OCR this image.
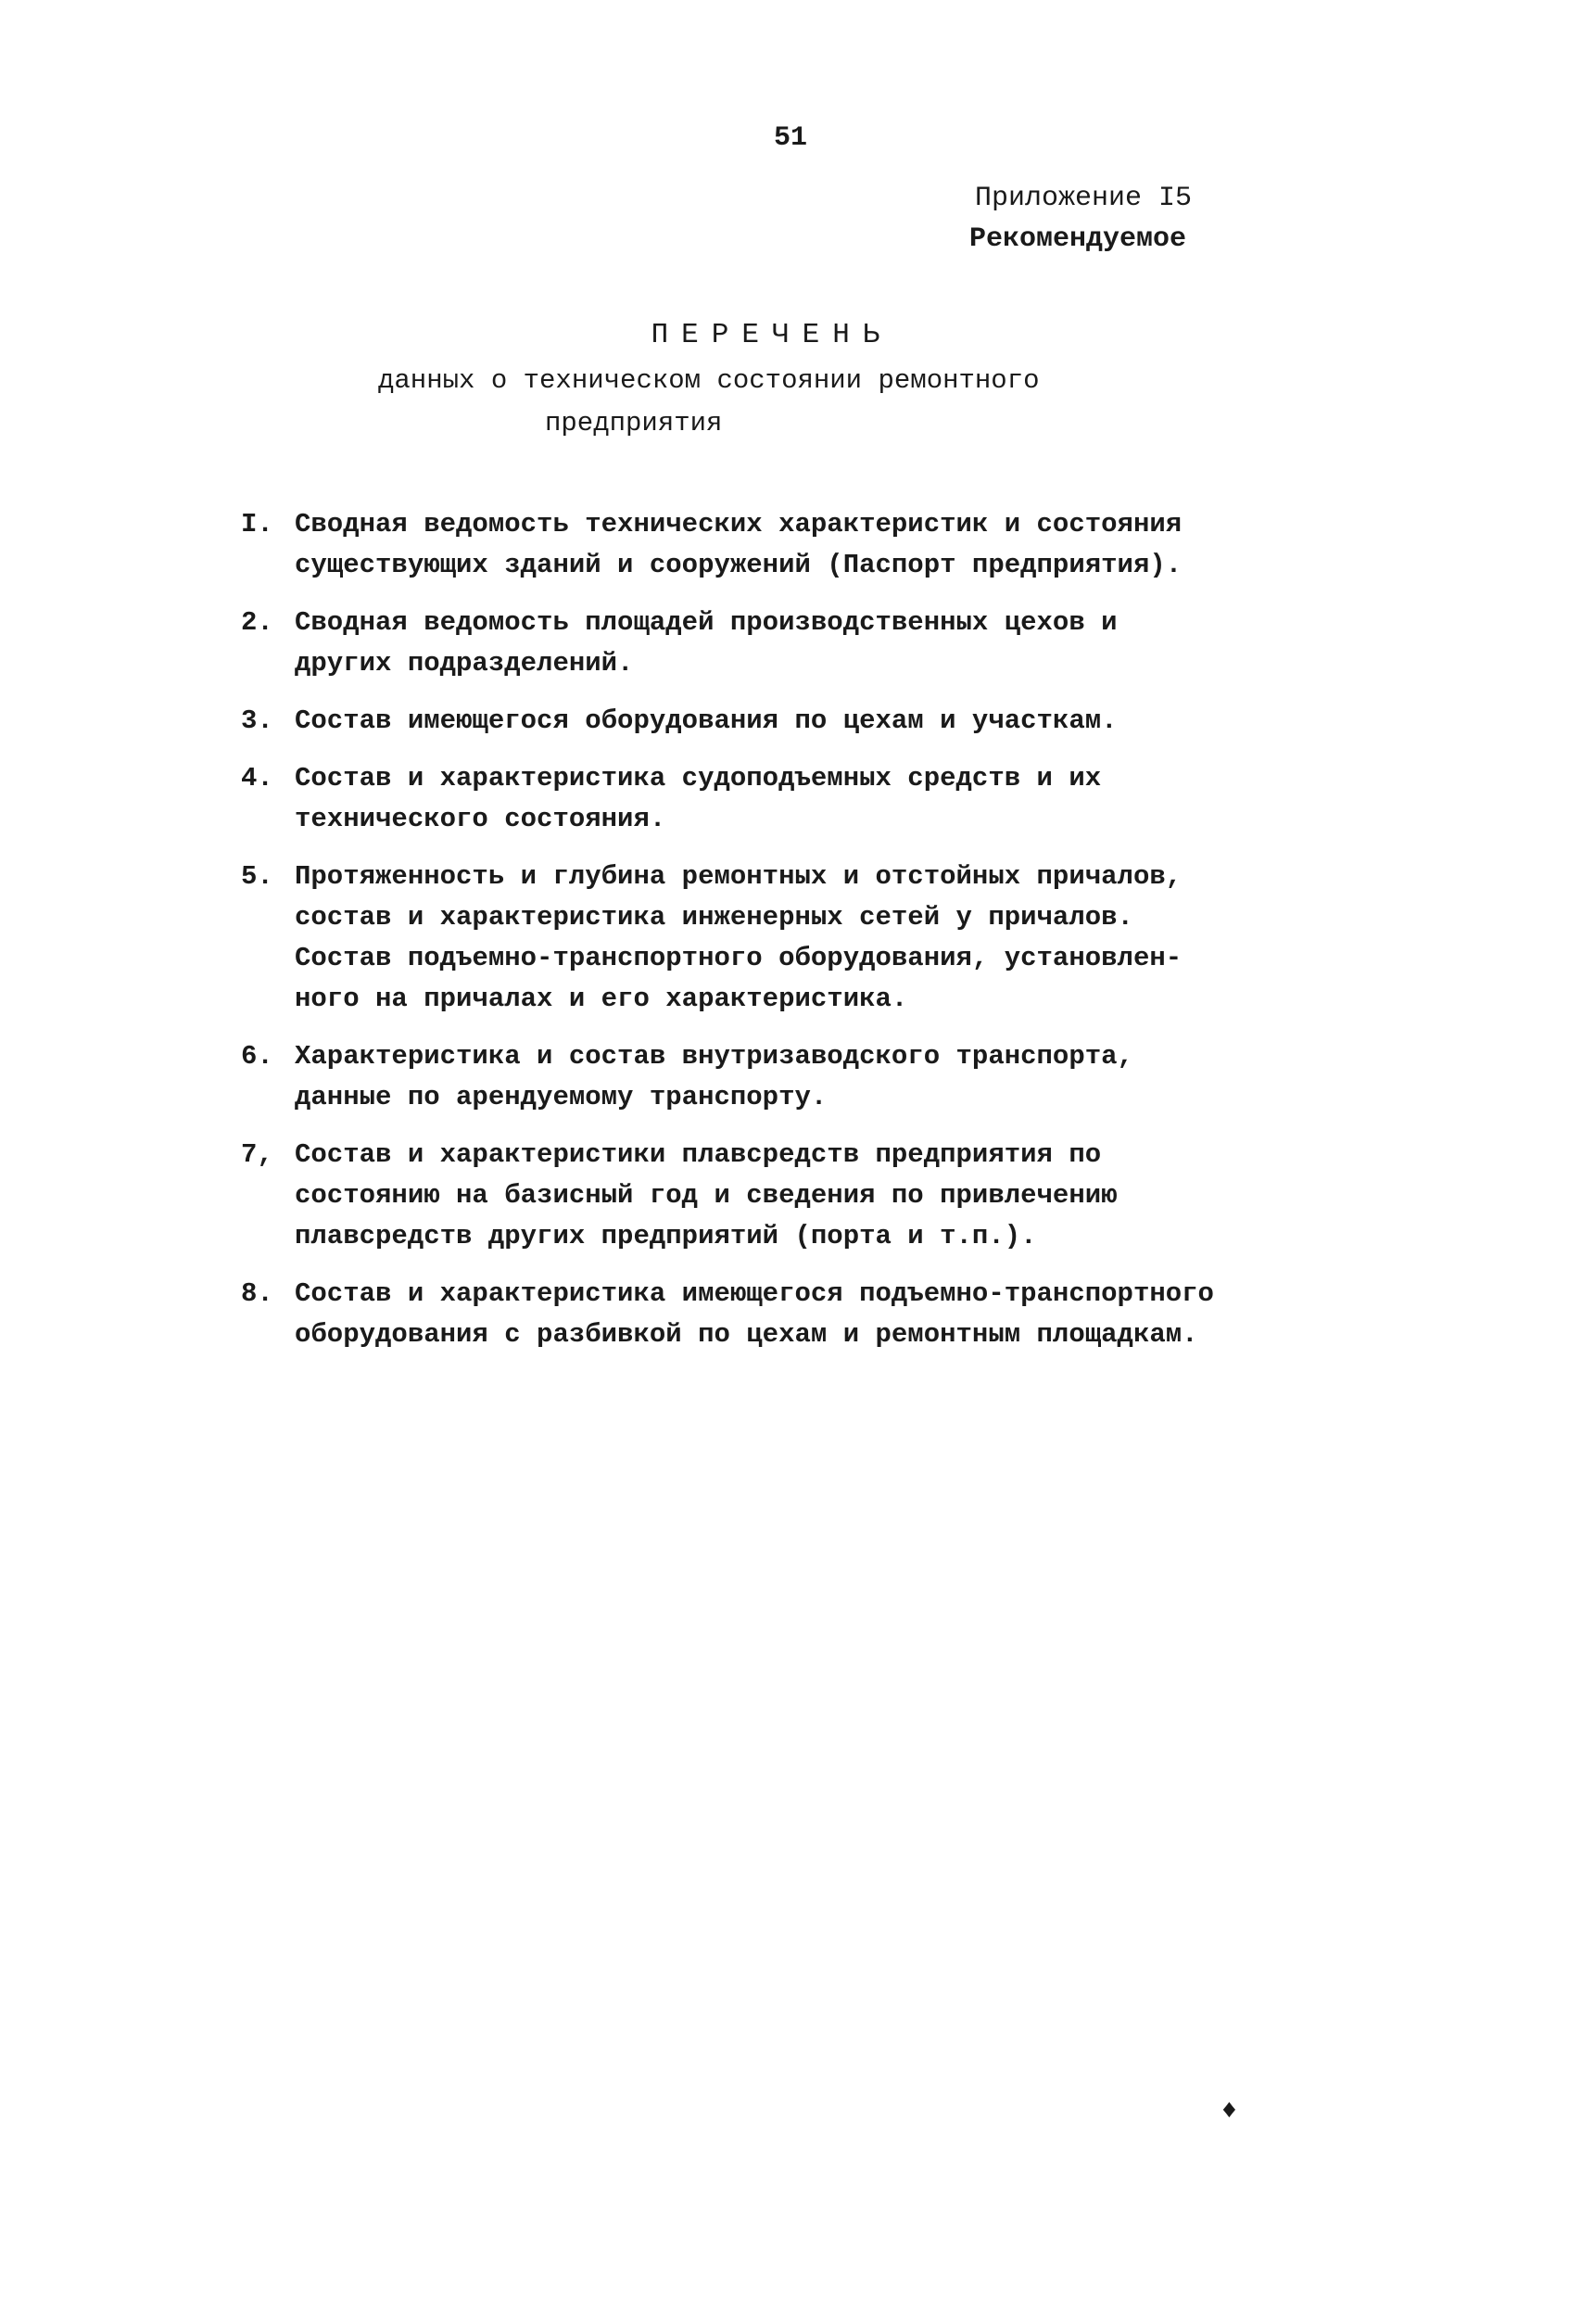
51
Приложение I5
Рекомендуемое
ПЕРЕЧЕНЬ
данных о техническом состоянии ремонтного
предприятия
I. Сводная ведомость технических характеристик и состояния
существующих зданий и сооружений (Паспорт предприятия).
2. Сводная ведомость площадей производственных цехов и
других подразделений.
3. Состав имеющегося оборудования по цехам и участкам.
4. Состав и характеристика судоподъемных средств и их
технического состояния.
5. Протяженность и глубина ремонтных и отстойных причалов,
состав и характеристика инженерных сетей у причалов.
Состав подъемно-транспортного оборудования, установлен-
ного на причалах и его характеристика.
6. Характеристика и состав внутризаводского транспорта,
данные по арендуемому транспорту.
7, Состав и характеристики плавсредств предприятия по
состоянию на базисный год и сведения по привлечению
плавсредств других предприятий (порта и т.п.).
8. Состав и характеристика имеющегося подъемно-транспортного
оборудования с разбивкой по цехам и ремонтным площадкам.
♦
